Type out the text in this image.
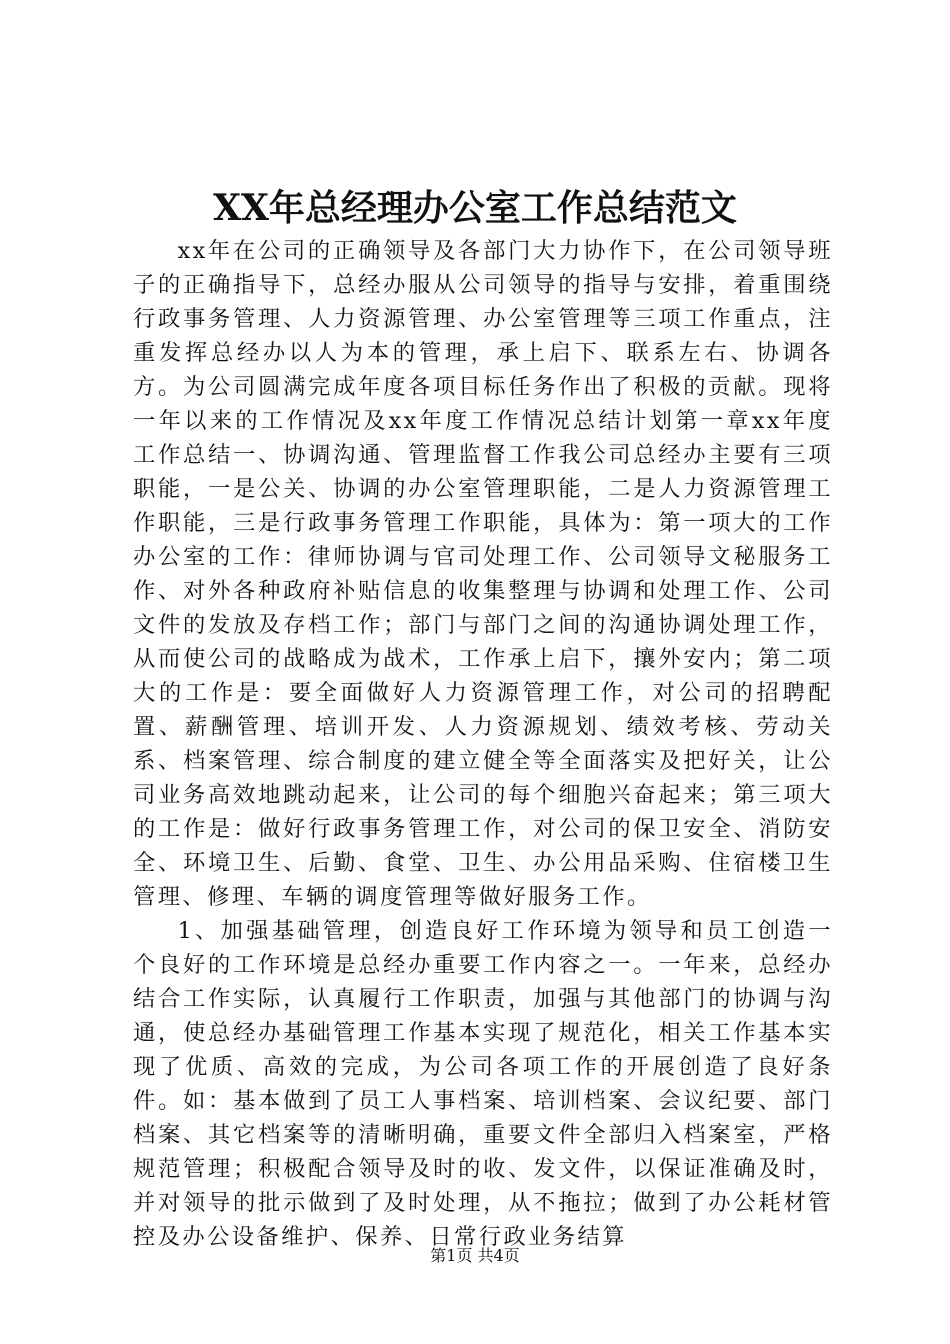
XX年总经理办公室工作总结范文

xx年在公司的正确领导及各部门大力协作下，在公司领导班子的正确指导下，总经办服从公司领导的指导与安排，着重围绕行政事务管理、人力资源管理、办公室管理等三项工作重点，注重发挥总经办以人为本的管理，承上启下、联系左右、协调各方。为公司圆满完成年度各项目标任务作出了积极的贡献。现将一年以来的工作情况及xx年度工作情况总结计划第一章xx年度工作总结一、协调沟通、管理监督工作我公司总经办主要有三项职能，一是公关、协调的办公室管理职能，二是人力资源管理工作职能，三是行政事务管理工作职能，具体为：第一项大的工作办公室的工作：律师协调与官司处理工作、公司领导文秘服务工作、对外各种政府补贴信息的收集整理与协调和处理工作、公司文件的发放及存档工作；部门与部门之间的沟通协调处理工作，从而使公司的战略成为战术，工作承上启下，攘外安内；第二项大的工作是：要全面做好人力资源管理工作，对公司的招聘配置、薪酬管理、培训开发、人力资源规划、绩效考核、劳动关系、档案管理、综合制度的建立健全等全面落实及把好关，让公司业务高效地跳动起来，让公司的每个细胞兴奋起来；第三项大的工作是：做好行政事务管理工作，对公司的保卫安全、消防安全、环境卫生、后勤、食堂、卫生、办公用品采购、住宿楼卫生管理、修理、车辆的调度管理等做好服务工作。

1、加强基础管理，创造良好工作环境为领导和员工创造一个良好的工作环境是总经办重要工作内容之一。一年来，总经办结合工作实际，认真履行工作职责，加强与其他部门的协调与沟通，使总经办基础管理工作基本实现了规范化，相关工作基本实现了优质、高效的完成，为公司各项工作的开展创造了良好条件。如：基本做到了员工人事档案、培训档案、会议纪要、部门档案、其它档案等的清晰明确，重要文件全部归入档案室，严格规范管理；积极配合领导及时的收、发文件，以保证准确及时，并对领导的批示做到了及时处理，从不拖拉；做到了办公耗材管控及办公设备维护、保养、日常行政业务结算

第1页 共4页
